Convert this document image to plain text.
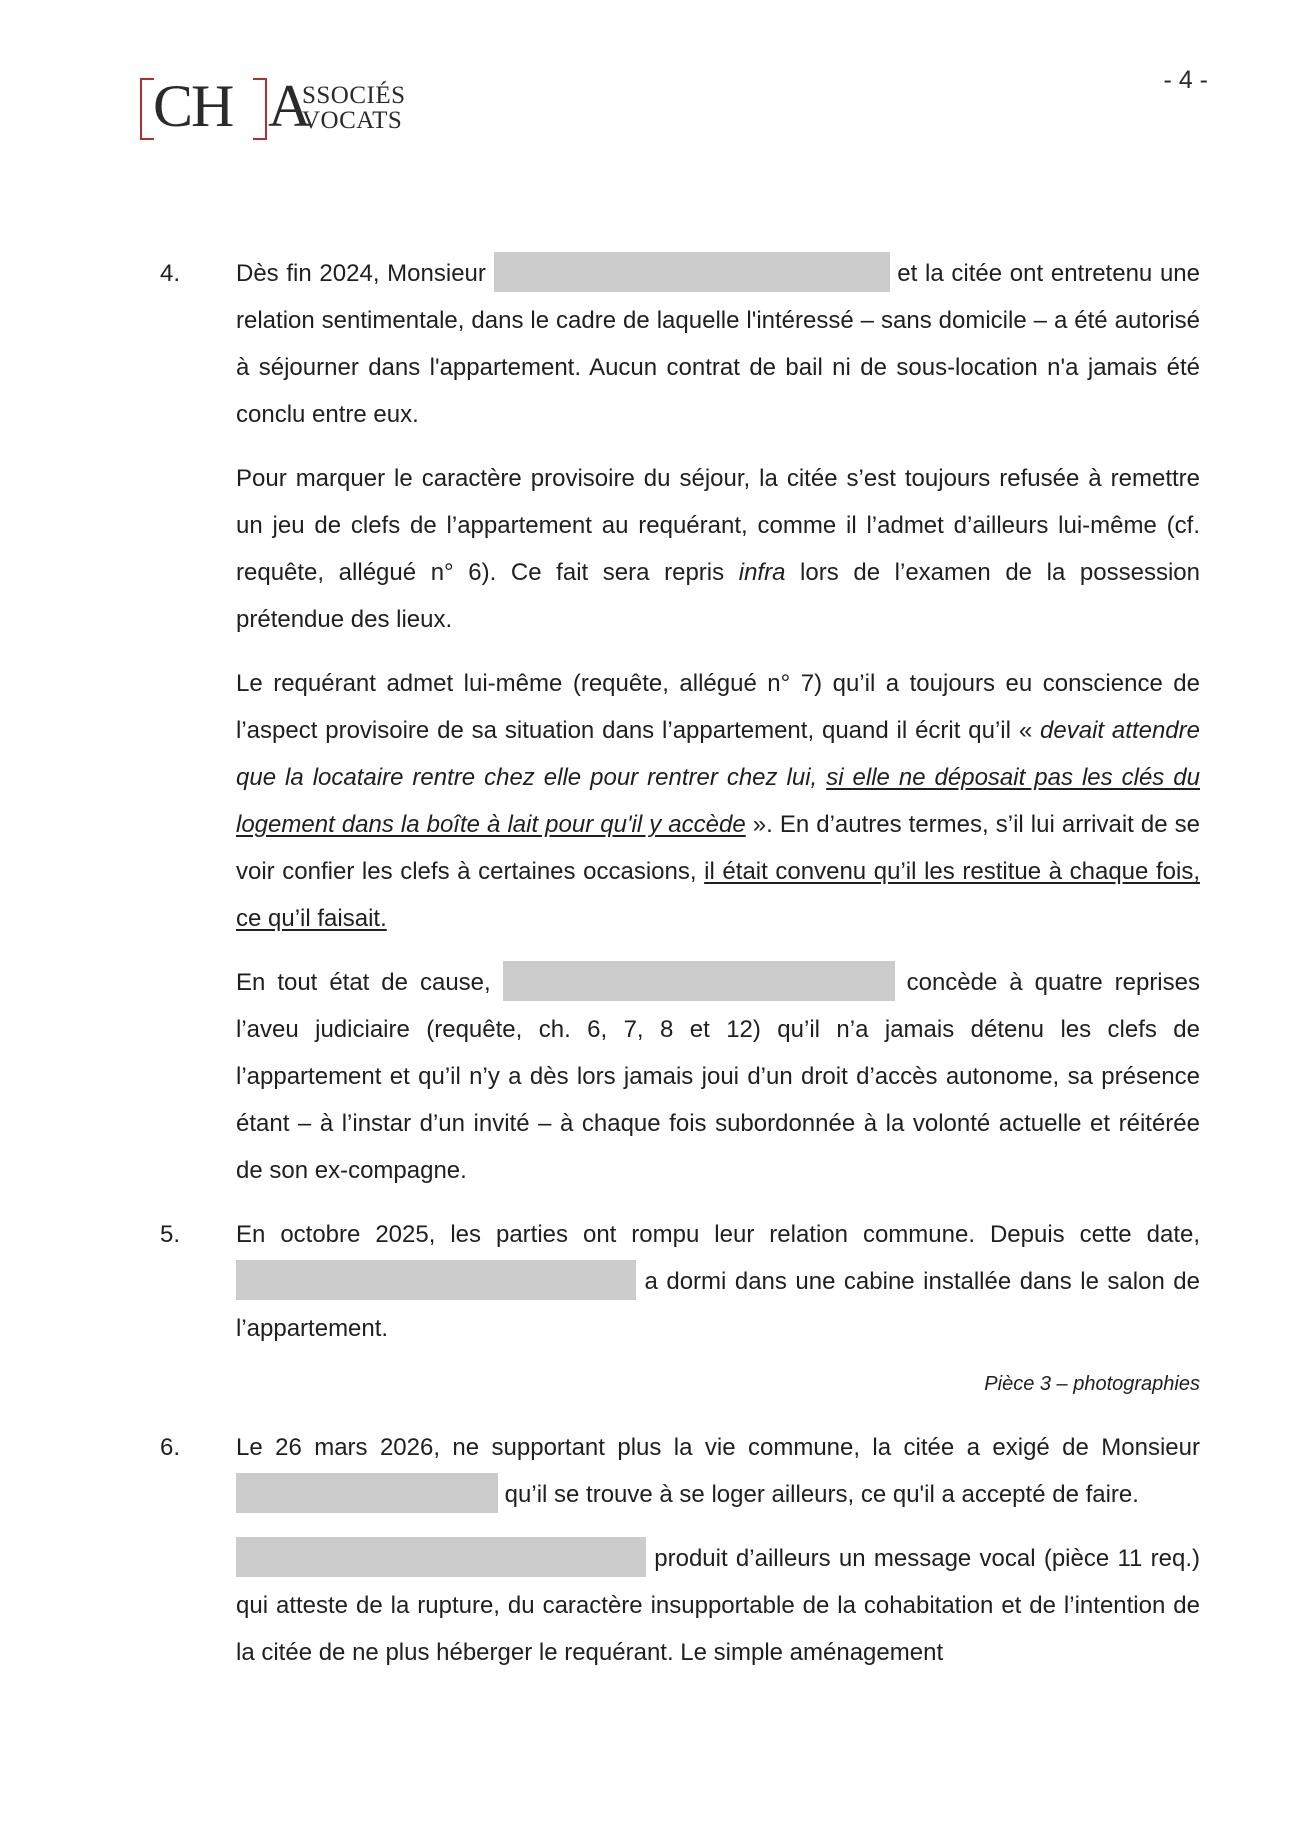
CH A
SSOCIÉS
VOCATS
- 4 -
4. Dès fin 2024, Monsieur	et la citée ont entretenu une relation sentimentale, dans le cadre de laquelle l'intéressé – sans domicile – a été autorisé à séjourner dans l'appartement. Aucun contrat de bail ni de sous-location n'a jamais été conclu entre eux.
Pour marquer le caractère provisoire du séjour, la citée s’est toujours refusée à remettre un jeu de clefs de l’appartement au requérant, comme il l’admet d’ailleurs lui-même (cf. requête, allégué n° 6). Ce fait sera repris infra lors de l’examen de la possession prétendue des lieux.
Le requérant admet lui-même (requête, allégué n° 7) qu’il a toujours eu conscience de l’aspect provisoire de sa situation dans l’appartement, quand il écrit qu’il « devait attendre que la locataire rentre chez elle pour rentrer chez lui, si elle ne déposait pas les clés du logement dans la boîte à lait pour qu'il y accède ». En d’autres termes, s’il lui arrivait de se voir confier les clefs à certaines occasions, il était convenu qu’il les restitue à chaque fois, ce qu’il faisait.
En tout état de cause,	concède à quatre reprises l’aveu judiciaire (requête, ch. 6, 7, 8 et 12) qu’il n’a jamais détenu les clefs de l’appartement et qu’il n’y a dès lors jamais joui d’un droit d’accès autonome, sa présence étant – à l’instar d’un invité – à chaque fois subordonnée à la volonté actuelle et réitérée de son ex-compagne.
5. En octobre 2025, les parties ont rompu leur relation commune. Depuis cette date,  a dormi dans une cabine installée dans le salon de l’appartement.
Pièce 3 – photographies
6. Le 26 mars 2026, ne supportant plus la vie commune, la citée a exigé de Monsieur  qu’il se trouve à se loger ailleurs, ce qu'il a accepté de faire.
produit d’ailleurs un message vocal (pièce 11 req.) qui atteste de la rupture, du caractère insupportable de la cohabitation et de l’intention de la citée de ne plus héberger le requérant. Le simple aménagement
